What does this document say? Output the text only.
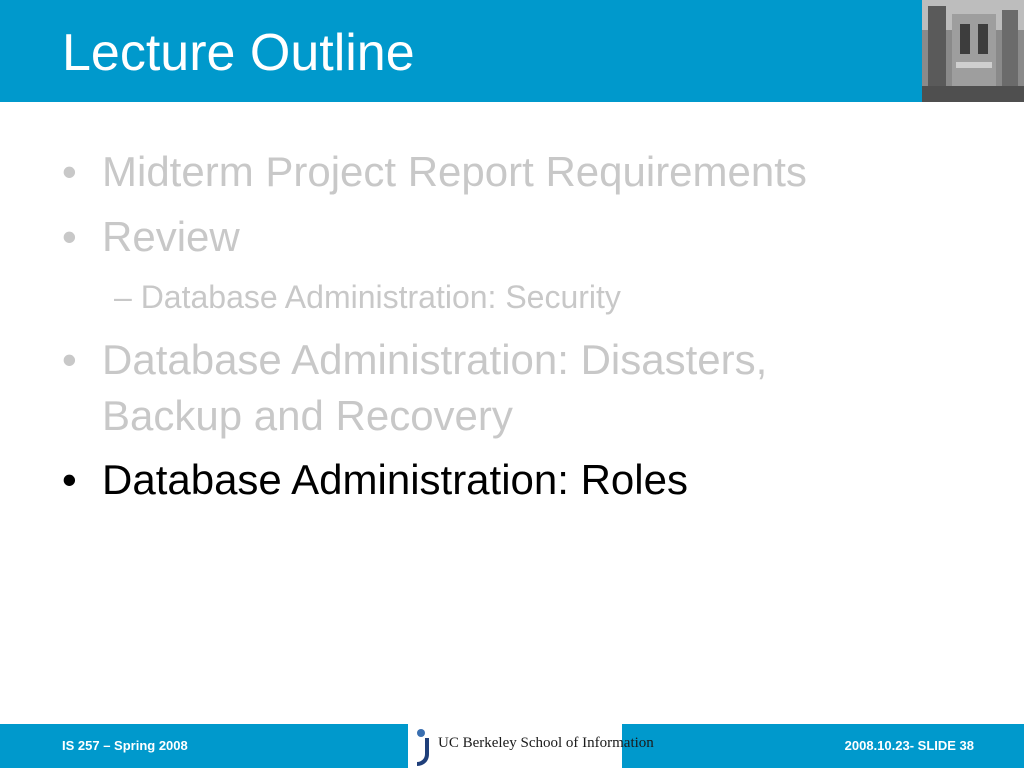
Lecture Outline
• Midterm Project Report Requirements
• Review
– Database Administration: Security
• Database Administration: Disasters, Backup and Recovery
• Database Administration: Roles
IS 257 – Spring 2008	2008.10.23- SLIDE 38
UC Berkeley School of Information
